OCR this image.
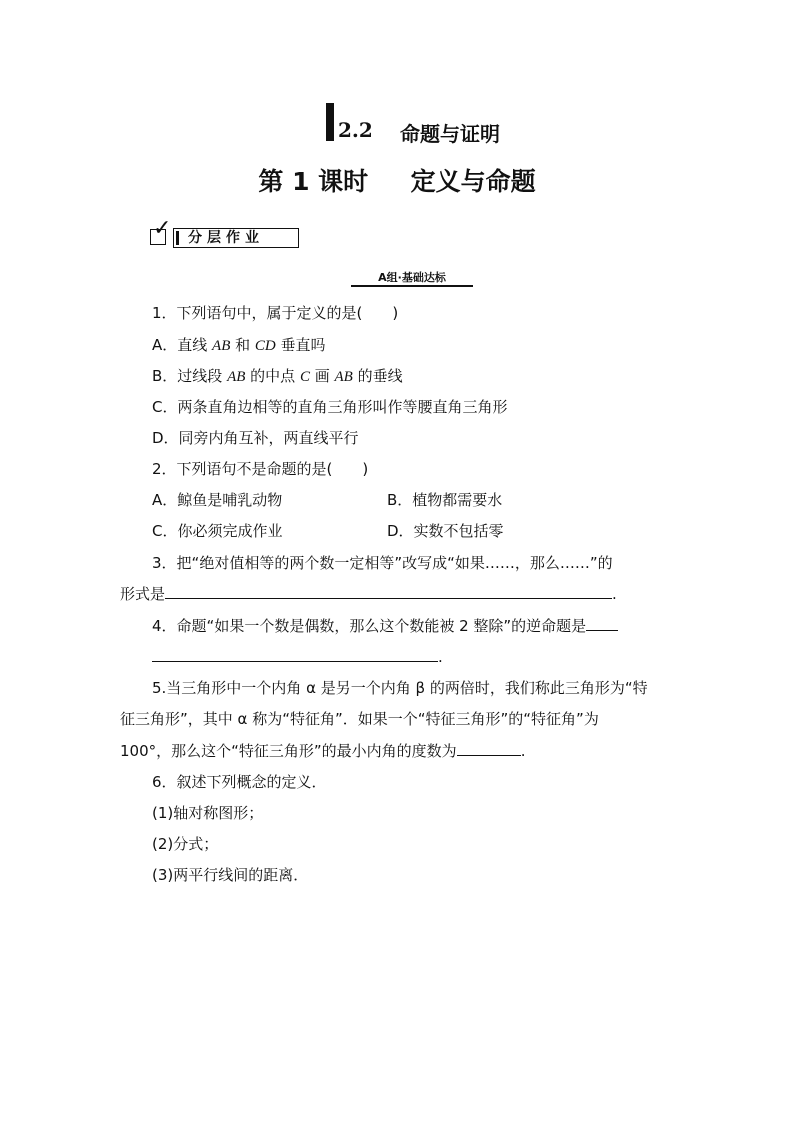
2.2 命题与证明
第 1 课时　 定义与命题
✓ 分层作业
A组·基础达标
1．下列语句中，属于定义的是(　　)
A．直线 AB 和 CD 垂直吗
B．过线段 AB 的中点 C 画 AB 的垂线
C．两条直角边相等的直角三角形叫作等腰直角三角形
D．同旁内角互补，两直线平行
2．下列语句不是命题的是(　　)
A．鲸鱼是哺乳动物	B．植物都需要水
C．你必须完成作业	D．实数不包括零
3．把“绝对值相等的两个数一定相等”改写成“如果……，那么……”的
形式是	.
4．命题“如果一个数是偶数，那么这个数能被 2 整除”的逆命题是
.
5.当三角形中一个内角 α 是另一个内角 β 的两倍时，我们称此三角形为“特
征三角形”，其中 α 称为“特征角”．如果一个“特征三角形”的“特征角”为
100°，那么这个“特征三角形”的最小内角的度数为	.
6．叙述下列概念的定义．
(1)轴对称图形；
(2)分式；
(3)两平行线间的距离．
